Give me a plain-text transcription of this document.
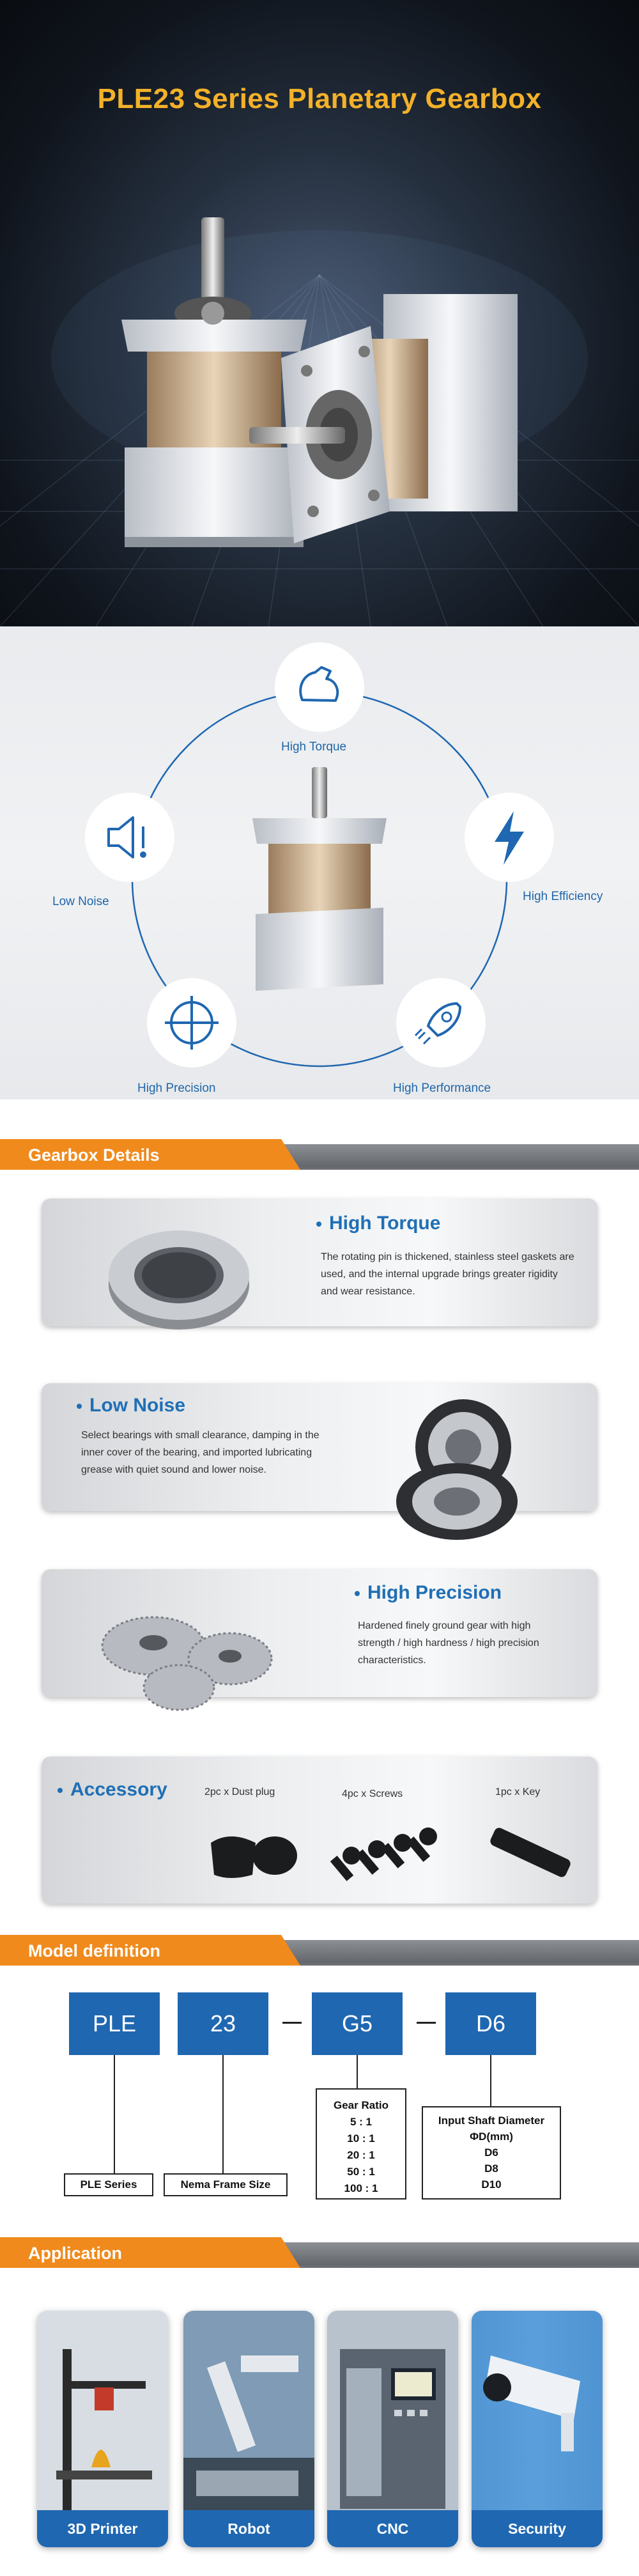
PLE23 Series Planetary Gearbox
High Torque
High Efficiency
High Performance
High Precision
Low Noise
Gearbox Details
High Torque
The rotating pin is thickened, stainless steel gaskets are used, and the internal upgrade brings greater rigidity and wear resistance.
Low Noise
Select bearings with small clearance, damping in the inner cover of the bearing, and imported lubricating grease with quiet sound and lower noise.
High Precision
Hardened finely ground gear with high strength / high hardness / high precision characteristics.
Accessory	2pc x Dust plug	4pc x Screws	1pc x Key
Model definition
PLE	23	G5	D6
PLE Series	Nema Frame Size
Gear Ratio
5 : 1
10 : 1
20 : 1
50 : 1
100 : 1
Input Shaft Diameter
ΦD(mm)
D6
D8
D10
Application
3D Printer	Robot	CNC	Security
